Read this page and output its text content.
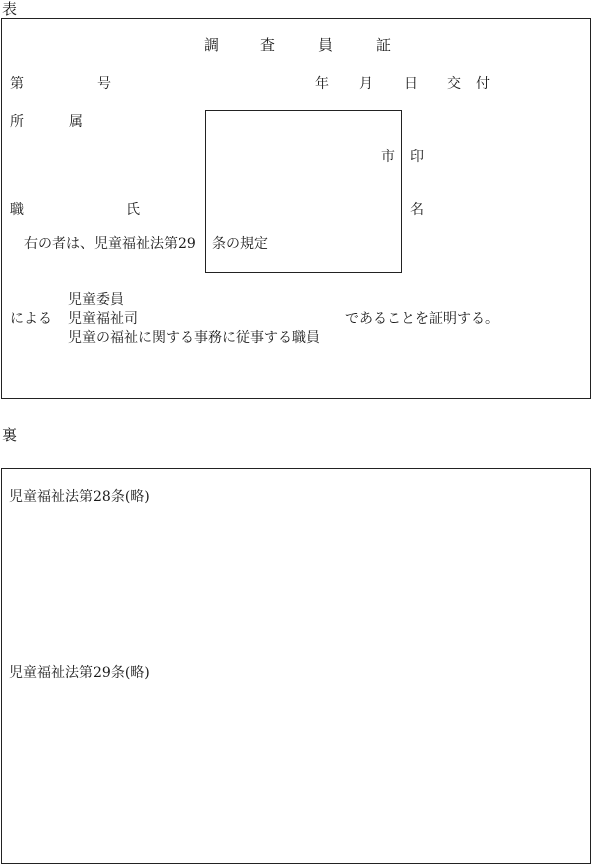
表
調	査	員	証
第	号	年 月 日 交 付
所	属
市 印
職	氏	名
右の者は、児童福祉法第29 条の規定
児童委員
による 児童福祉司
児童の福祉に関する事務に従事する職員
であることを証明する。
裏
児童福祉法第28条(略)
児童福祉法第29条(略)
